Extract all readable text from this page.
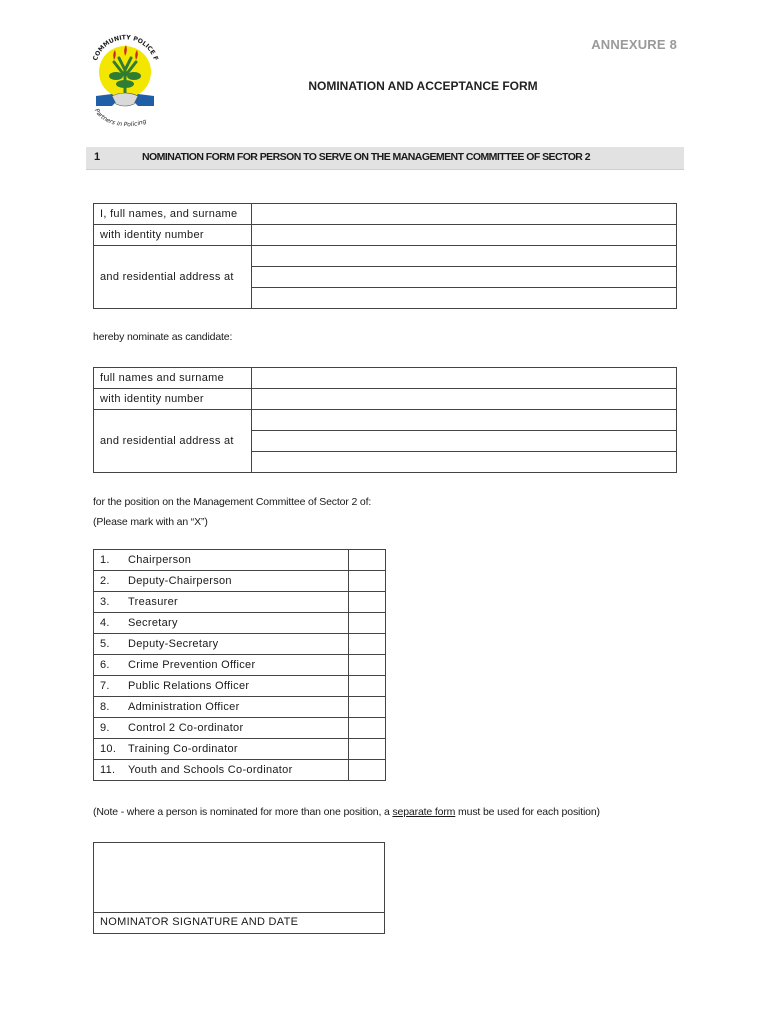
COMMUNITY POLICE F
Partners in Policing
ANNEXURE 8
NOMINATION AND ACCEPTANCE FORM
1	NOMINATION FORM FOR PERSON TO SERVE ON THE MANAGEMENT COMMITTEE OF SECTOR 2
I, full names, and surname	
with identity number	
and residential address at	

hereby nominate as candidate:
full names and surname	
with identity number	
and residential address at	

for the position on the Management Committee of Sector 2 of:
(Please mark with an “X”)
1.	Chairperson	
2.	Deputy-Chairperson	
3.	Treasurer	
4.	Secretary	
5.	Deputy-Secretary	
6.	Crime Prevention Officer	
7.	Public Relations Officer	
8.	Administration Officer	
9.	Control 2 Co-ordinator	
10.	Training Co-ordinator	
11.	Youth and Schools Co-ordinator	
(Note - where a person is nominated for more than one position, a separate form must be used for each position)
NOMINATOR SIGNATURE AND DATE
